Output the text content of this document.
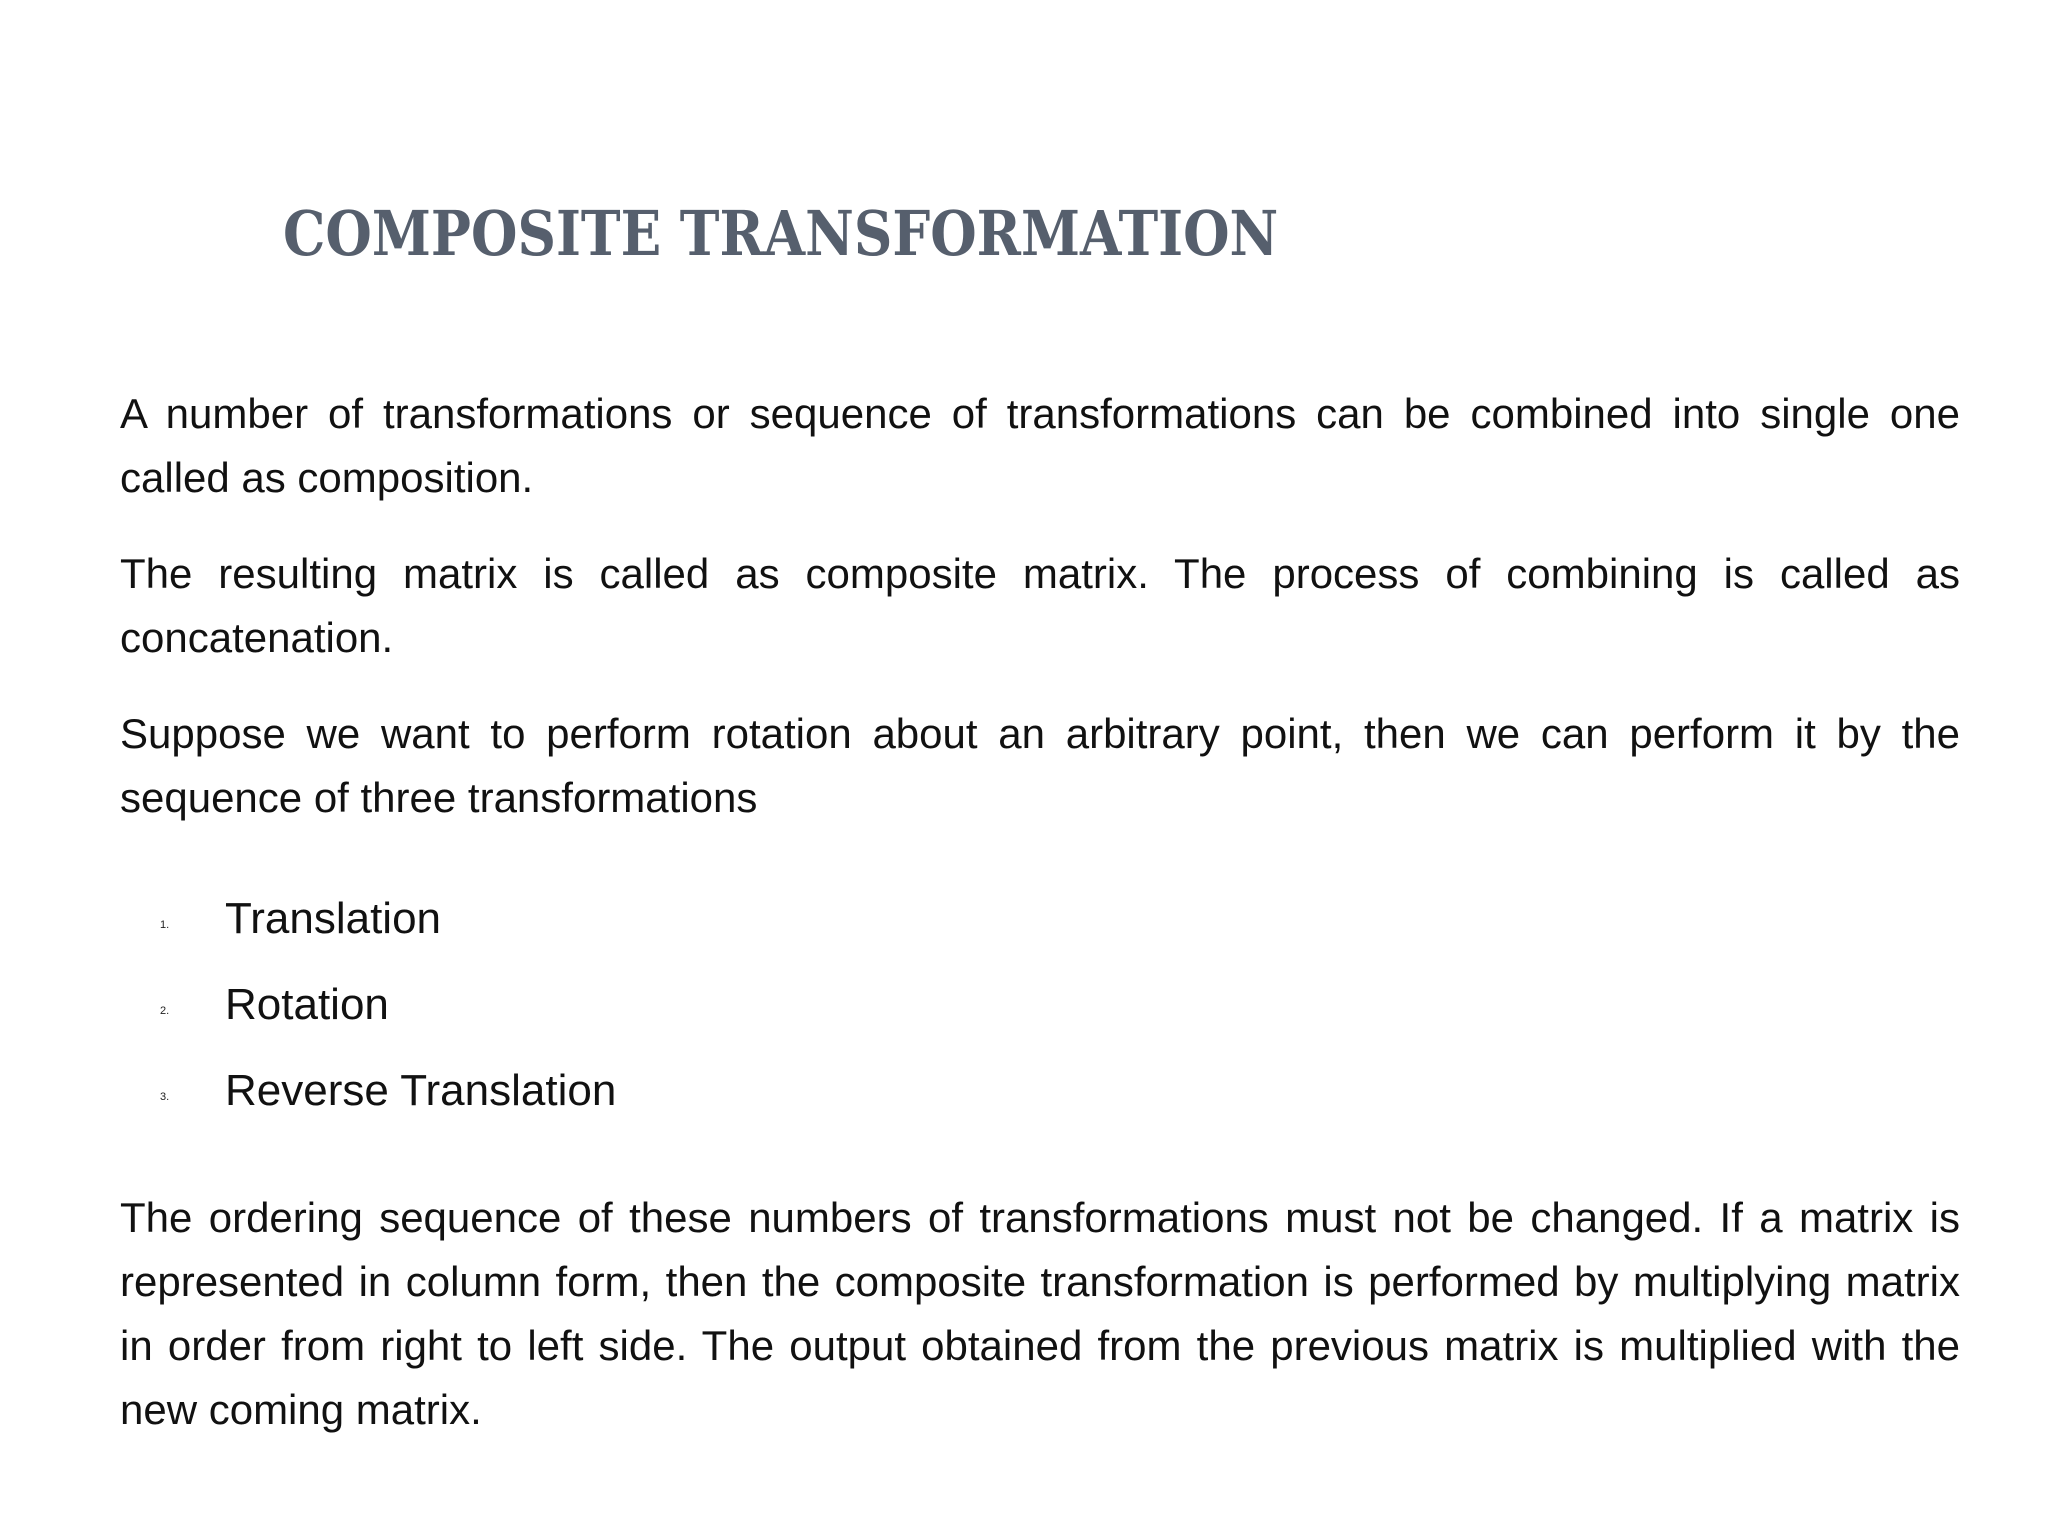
COMPOSITE TRANSFORMATION

A number of transformations or sequence of transformations can be combined into single one called as composition.

The resulting matrix is called as composite matrix. The process of combining is called as concatenation.

Suppose we want to perform rotation about an arbitrary point, then we can perform it by the sequence of three transformations

1. Translation
2. Rotation
3. Reverse Translation

The ordering sequence of these numbers of transformations must not be changed. If a matrix is represented in column form, then the composite transformation is performed by multiplying matrix in order from right to left side. The output obtained from the previous matrix is multiplied with the new coming matrix.
